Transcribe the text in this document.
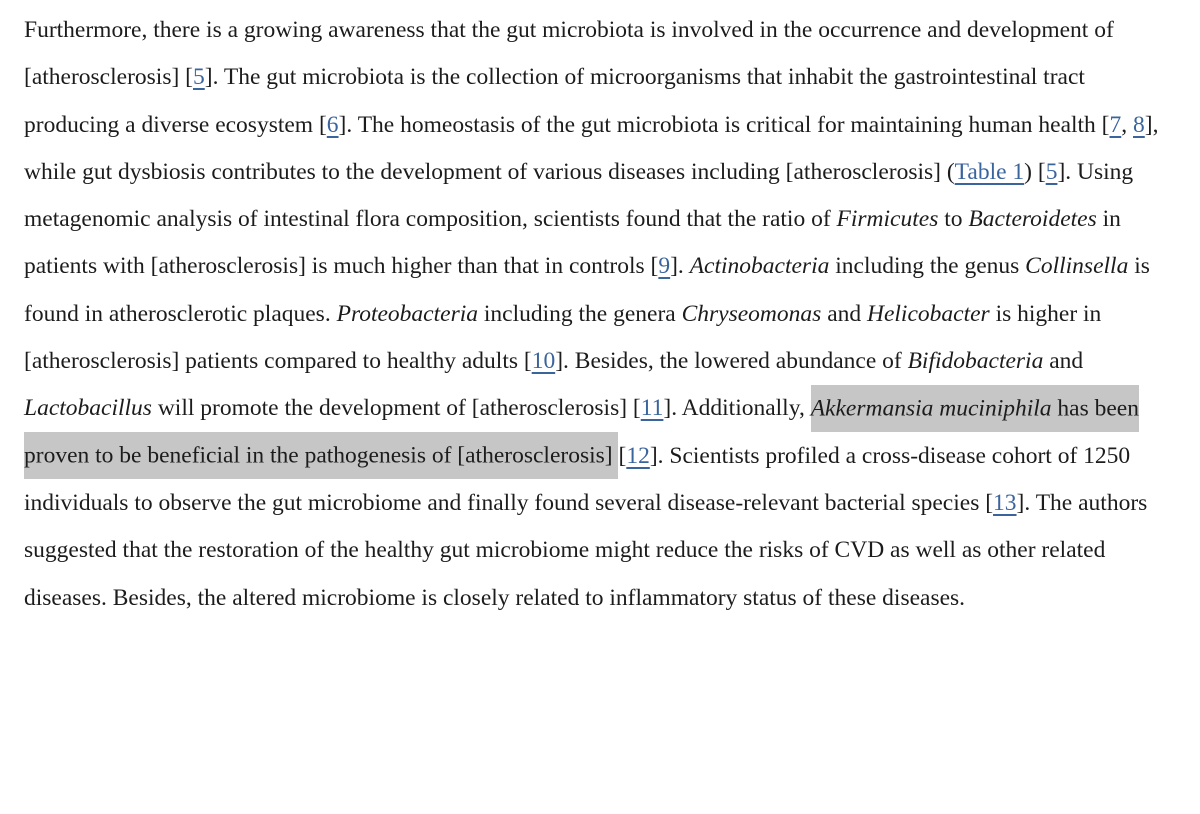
Furthermore, there is a growing awareness that the gut microbiota is involved in the occurrence and development of [atherosclerosis] [5]. The gut microbiota is the collection of microorganisms that inhabit the gastrointestinal tract producing a diverse ecosystem [6]. The homeostasis of the gut microbiota is critical for maintaining human health [7, 8], while gut dysbiosis contributes to the development of various diseases including [atherosclerosis] (Table 1) [5]. Using metagenomic analysis of intestinal flora composition, scientists found that the ratio of Firmicutes to Bacteroidetes in patients with [atherosclerosis] is much higher than that in controls [9]. Actinobacteria including the genus Collinsella is found in atherosclerotic plaques. Proteobacteria including the genera Chryseomonas and Helicobacter is higher in [atherosclerosis] patients compared to healthy adults [10]. Besides, the lowered abundance of Bifidobacteria and Lactobacillus will promote the development of [atherosclerosis] [11]. Additionally, Akkermansia muciniphila has been proven to be beneficial in the pathogenesis of [atherosclerosis] [12]. Scientists profiled a cross-disease cohort of 1250 individuals to observe the gut microbiome and finally found several disease-relevant bacterial species [13]. The authors suggested that the restoration of the healthy gut microbiome might reduce the risks of CVD as well as other related diseases. Besides, the altered microbiome is closely related to inflammatory status of these diseases.
